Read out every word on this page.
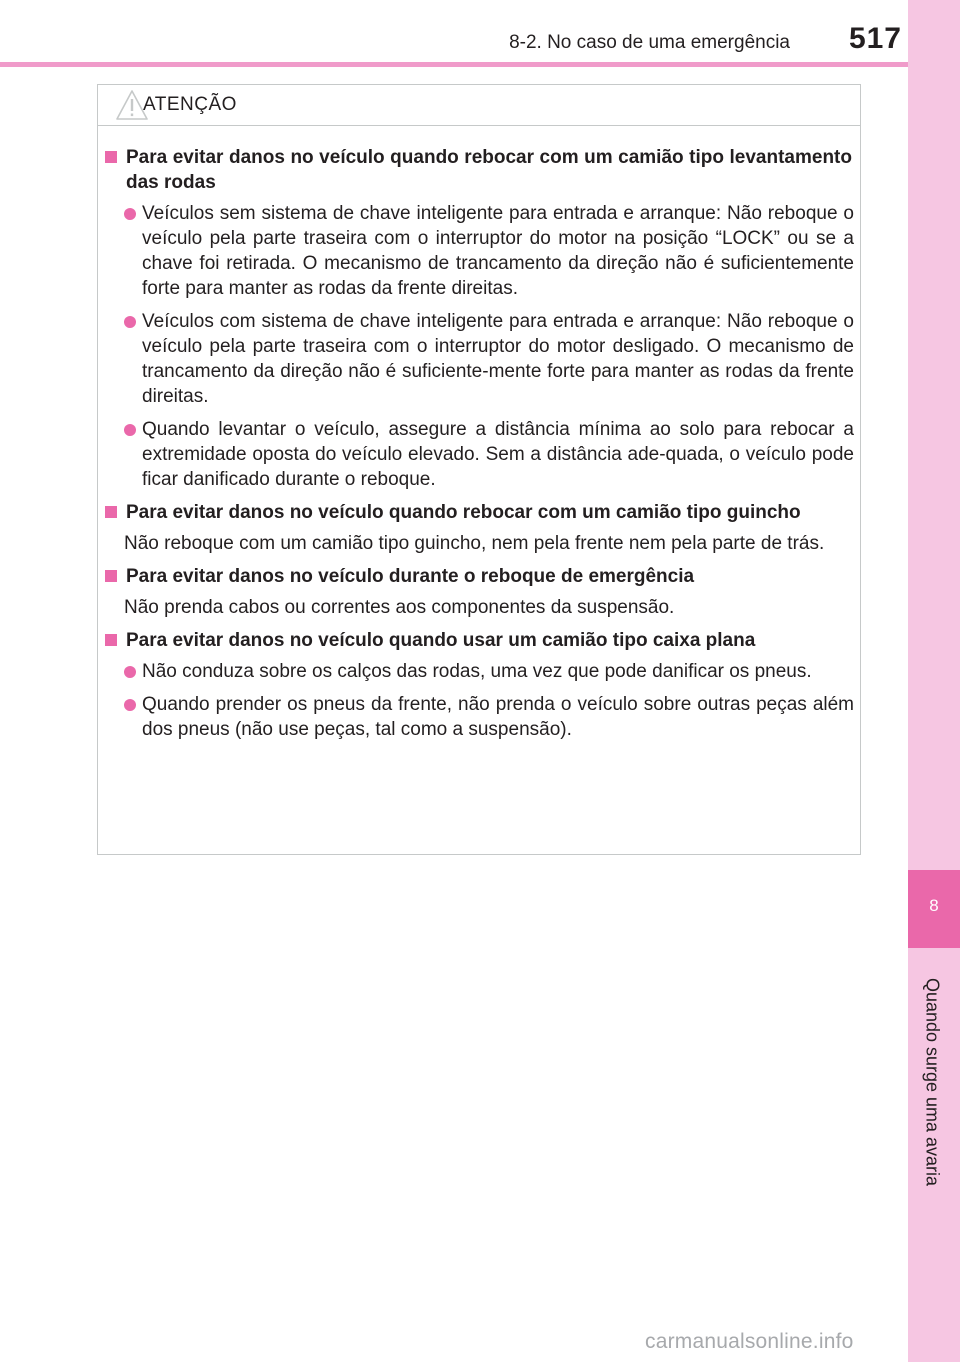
8-2. No caso de uma emergência	517
8
Quando surge uma avaria
ATENÇÃO
Para evitar danos no veículo quando rebocar com um camião tipo levantamento das rodas
Veículos sem sistema de chave inteligente para entrada e arranque: Não reboque o veículo pela parte traseira com o interruptor do motor na posição “LOCK” ou se a chave foi retirada. O mecanismo de trancamento da direção não é suficientemente forte para manter as rodas da frente direitas.
Veículos com sistema de chave inteligente para entrada e arranque: Não reboque o veículo pela parte traseira com o interruptor do motor desligado. O mecanismo de trancamento da direção não é suficiente-mente forte para manter as rodas da frente direitas.
Quando levantar o veículo, assegure a distância mínima ao solo para rebocar a extremidade oposta do veículo elevado. Sem a distância ade-quada, o veículo pode ficar danificado durante o reboque.
Para evitar danos no veículo quando rebocar com um camião tipo guincho
Não reboque com um camião tipo guincho, nem pela frente nem pela parte de trás.
Para evitar danos no veículo durante o reboque de emergência
Não prenda cabos ou correntes aos componentes da suspensão.
Para evitar danos no veículo quando usar um camião tipo caixa plana
Não conduza sobre os calços das rodas, uma vez que pode danificar os pneus.
Quando prender os pneus da frente, não prenda o veículo sobre outras peças além dos pneus (não use peças, tal como a suspensão).
carmanualsonline.info
